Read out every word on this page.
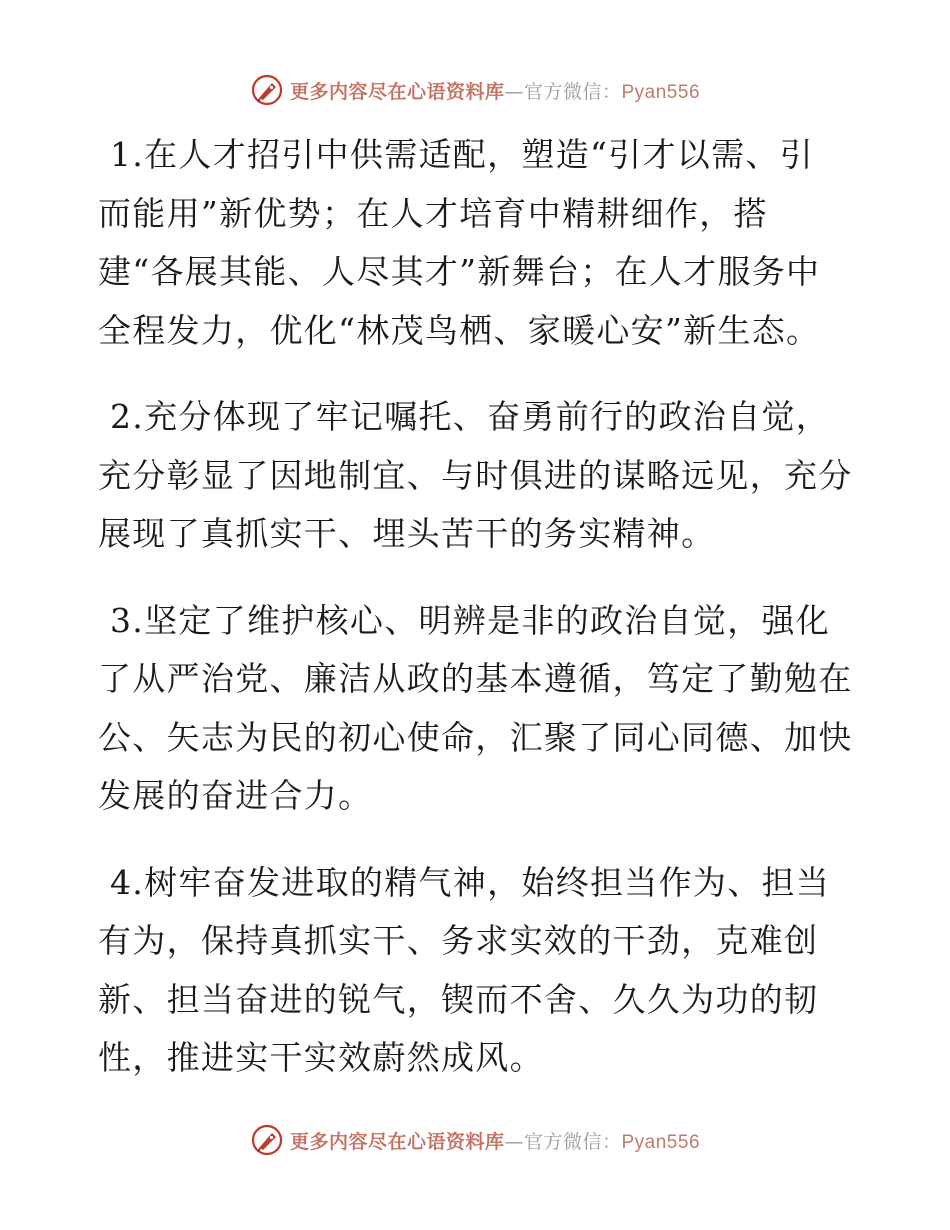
更多内容尽在心语资料库—官方微信：Pyan556

1.在人才招引中供需适配，塑造“引才以需、引
而能用”新优势；在人才培育中精耕细作，搭
建“各展其能、人尽其才”新舞台；在人才服务中
全程发力，优化“林茂鸟栖、家暖心安”新生态。

2.充分体现了牢记嘱托、奋勇前行的政治自觉，
充分彰显了因地制宜、与时俱进的谋略远见，充分
展现了真抓实干、埋头苦干的务实精神。

3.坚定了维护核心、明辨是非的政治自觉，强化
了从严治党、廉洁从政的基本遵循，笃定了勤勉在
公、矢志为民的初心使命，汇聚了同心同德、加快
发展的奋进合力。

4.树牢奋发进取的精气神，始终担当作为、担当
有为，保持真抓实干、务求实效的干劲，克难创
新、担当奋进的锐气，锲而不舍、久久为功的韧
性，推进实干实效蔚然成风。

更多内容尽在心语资料库—官方微信：Pyan556
